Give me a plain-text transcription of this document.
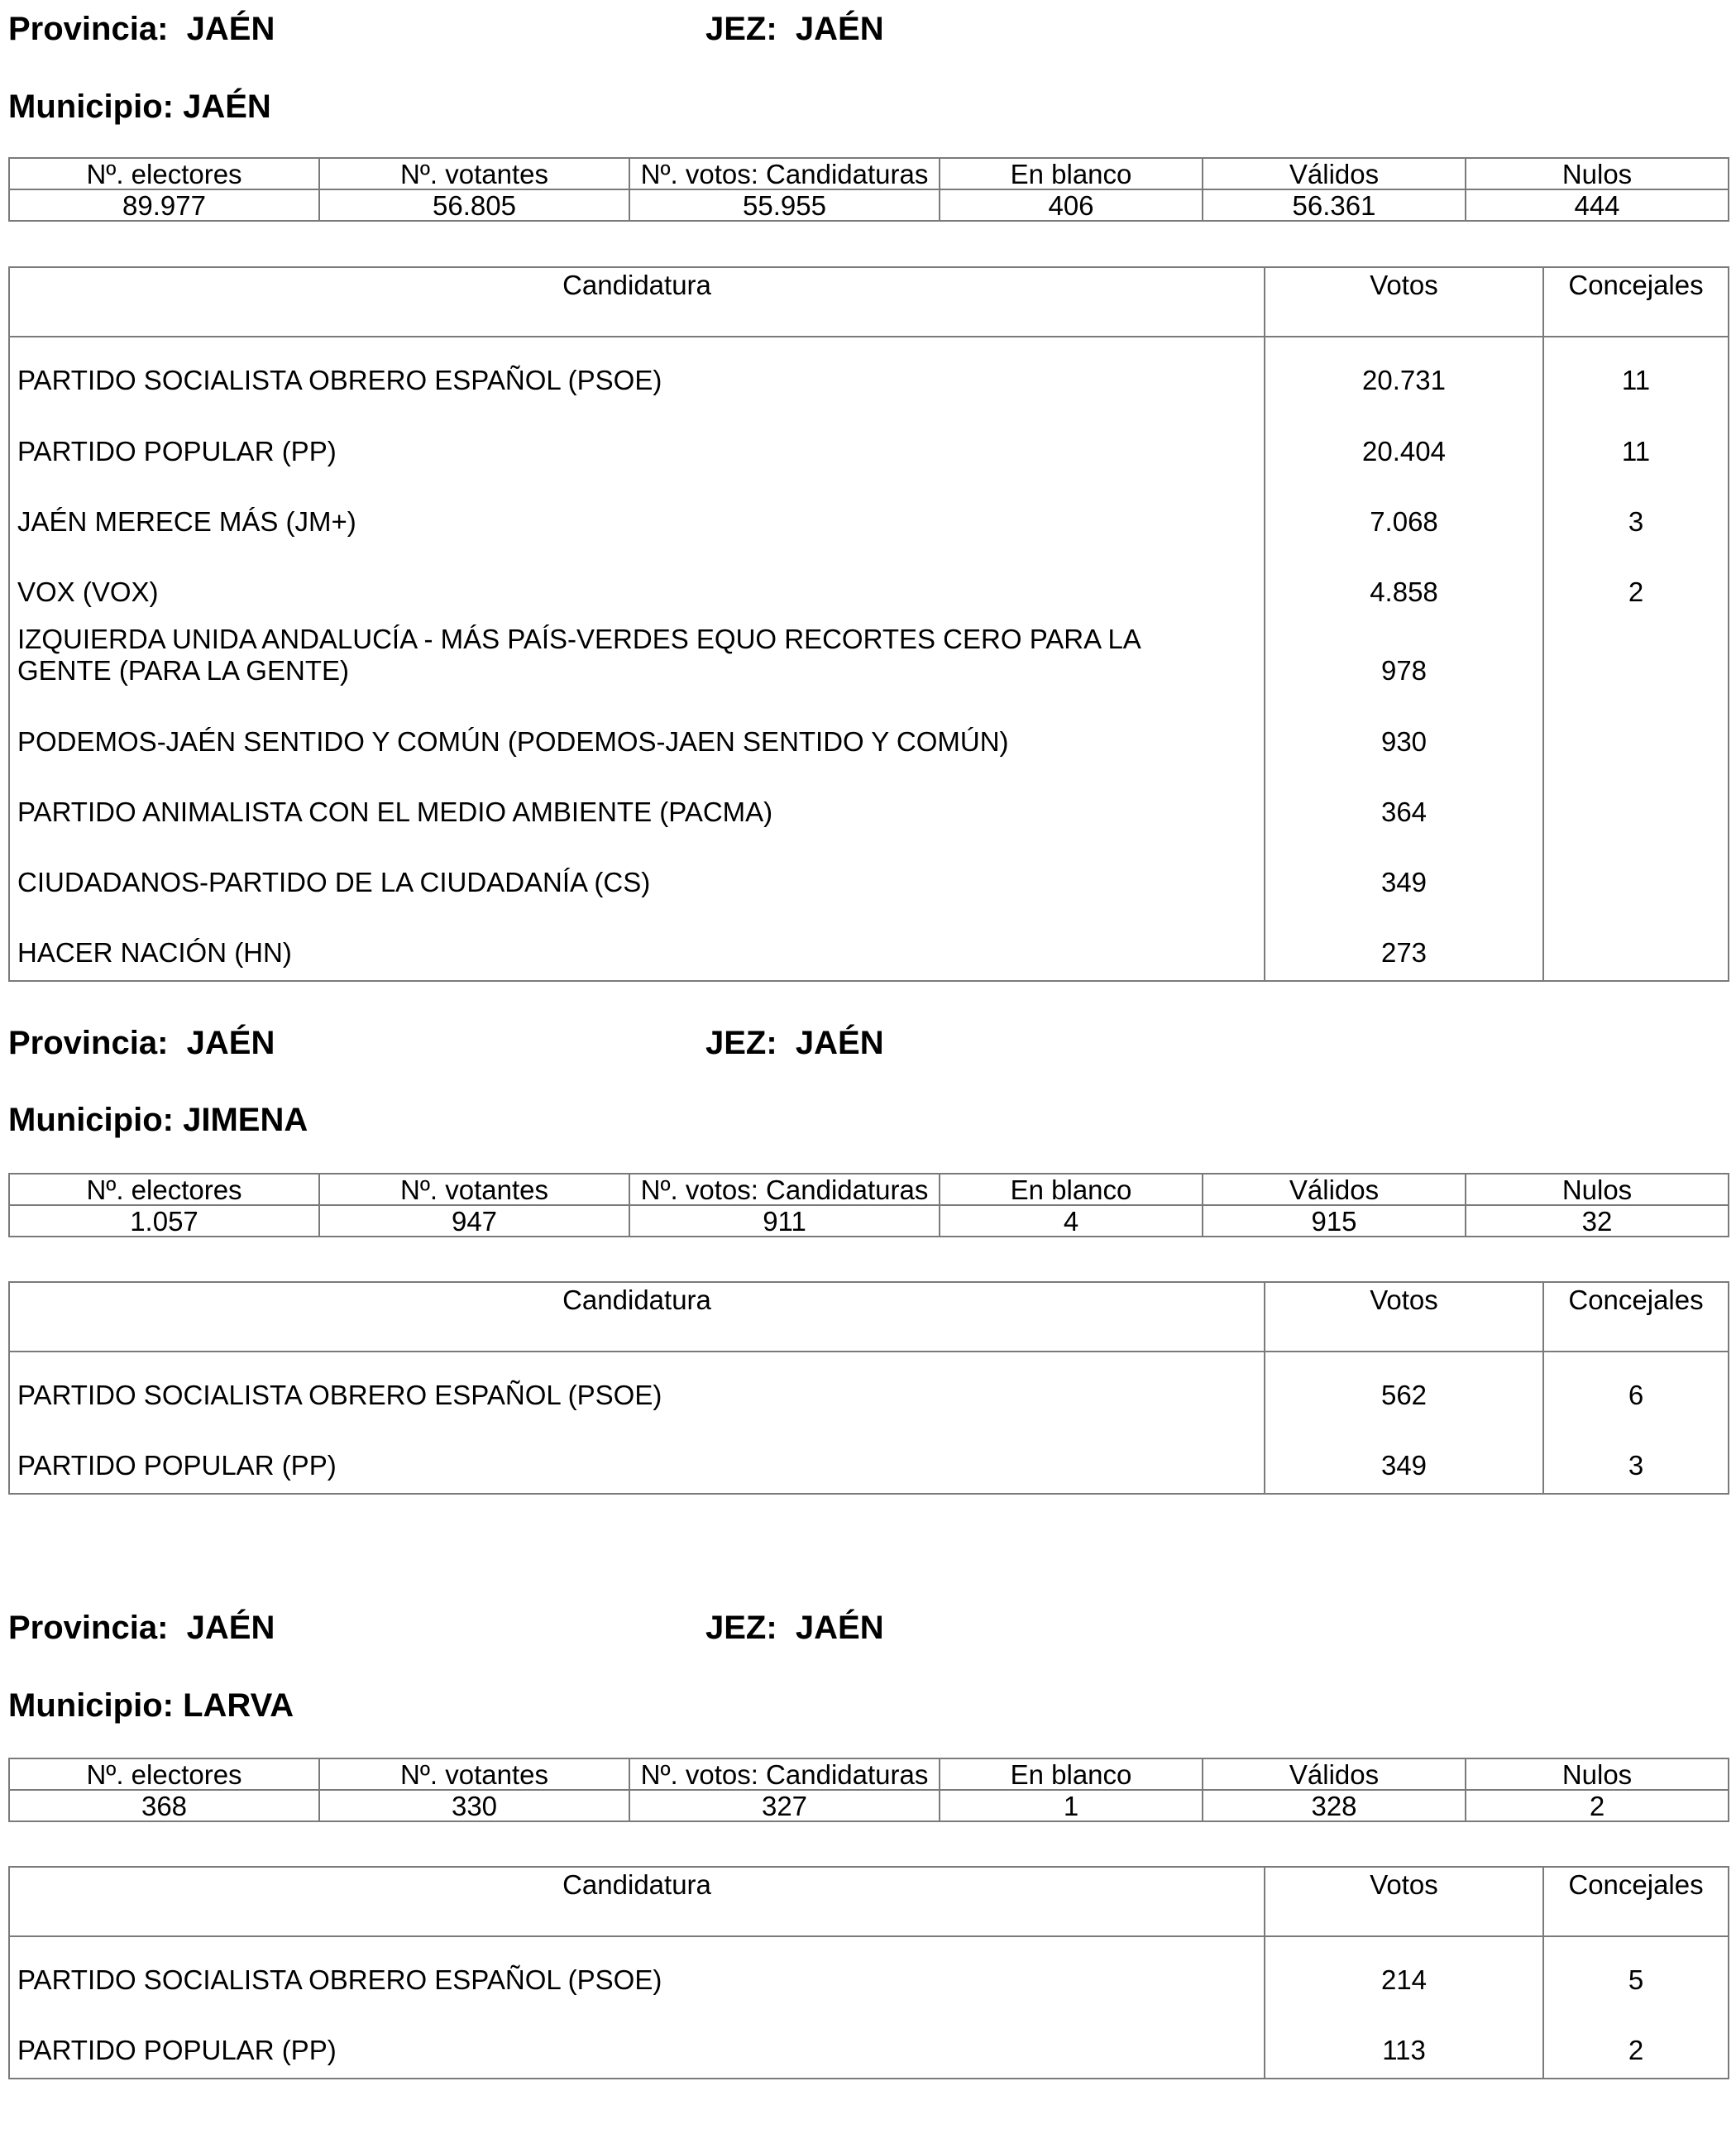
Provincia: JAÉN	JEZ: JAÉN
Municipio: JAÉN
Nº. electores	Nº. votantes	Nº. votos: Candidaturas	En blanco	Válidos	Nulos
89.977	56.805	55.955	406	56.361	444
Candidatura	Votos	Concejales
PARTIDO SOCIALISTA OBRERO ESPAÑOL (PSOE)	20.731	11
PARTIDO POPULAR (PP)	20.404	11
JAÉN MERECE MÁS (JM+)	7.068	3
VOX (VOX)	4.858	2
IZQUIERDA UNIDA ANDALUCÍA - MÁS PAÍS-VERDES EQUO RECORTES CERO PARA LA GENTE (PARA LA GENTE)	978	
PODEMOS-JAÉN SENTIDO Y COMÚN (PODEMOS-JAEN SENTIDO Y COMÚN)	930	
PARTIDO ANIMALISTA CON EL MEDIO AMBIENTE (PACMA)	364	
CIUDADANOS-PARTIDO DE LA CIUDADANÍA (CS)	349	
HACER NACIÓN (HN)	273	
Provincia: JAÉN	JEZ: JAÉN
Municipio: JIMENA
Nº. electores	Nº. votantes	Nº. votos: Candidaturas	En blanco	Válidos	Nulos
1.057	947	911	4	915	32
Candidatura	Votos	Concejales
PARTIDO SOCIALISTA OBRERO ESPAÑOL (PSOE)	562	6
PARTIDO POPULAR (PP)	349	3
Provincia: JAÉN	JEZ: JAÉN
Municipio: LARVA
Nº. electores	Nº. votantes	Nº. votos: Candidaturas	En blanco	Válidos	Nulos
368	330	327	1	328	2
Candidatura	Votos	Concejales
PARTIDO SOCIALISTA OBRERO ESPAÑOL (PSOE)	214	5
PARTIDO POPULAR (PP)	113	2
